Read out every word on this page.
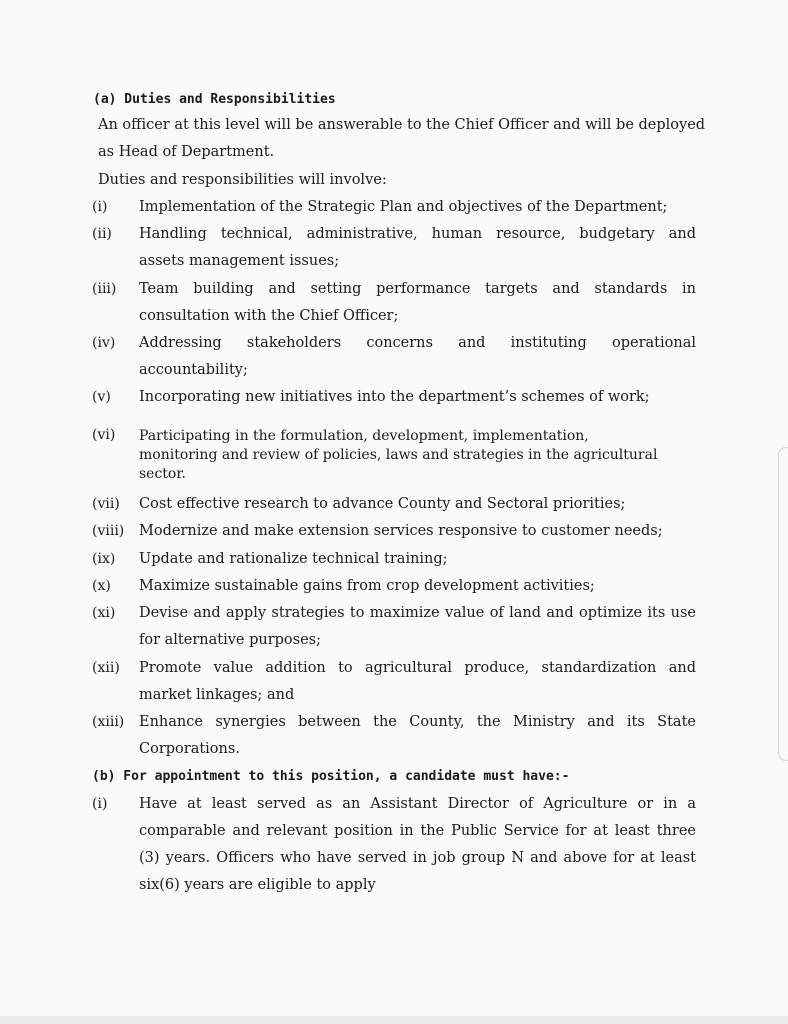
(a) Duties and Responsibilities
An officer at this level will be answerable to the Chief Officer and will be deployed
as Head of Department.
Duties and responsibilities will involve:
(i) Implementation of the Strategic Plan and objectives of the Department;
(ii) Handling technical, administrative, human resource, budgetary and
assets management issues;
(iii) Team building and setting performance targets and standards in
consultation with the Chief Officer;
(iv) Addressing stakeholders concerns and instituting operational
accountability;
(v) Incorporating new initiatives into the department’s schemes of work;
(vi) Participating in the formulation, development, implementation,
monitoring and review of policies, laws and strategies in the agricultural
sector.
(vii) Cost effective research to advance County and Sectoral priorities;
(viii) Modernize and make extension services responsive to customer needs;
(ix) Update and rationalize technical training;
(x) Maximize sustainable gains from crop development activities;
(xi) Devise and apply strategies to maximize value of land and optimize its use
for alternative purposes;
(xii) Promote value addition to agricultural produce, standardization and
market linkages; and
(xiii) Enhance synergies between the County, the Ministry and its State
Corporations.
(b) For appointment to this position, a candidate must have:-
(i) Have at least served as an Assistant Director of Agriculture or in a
comparable and relevant position in the Public Service for at least three
(3) years. Officers who have served in job group N and above for at least
six(6) years are eligible to apply
